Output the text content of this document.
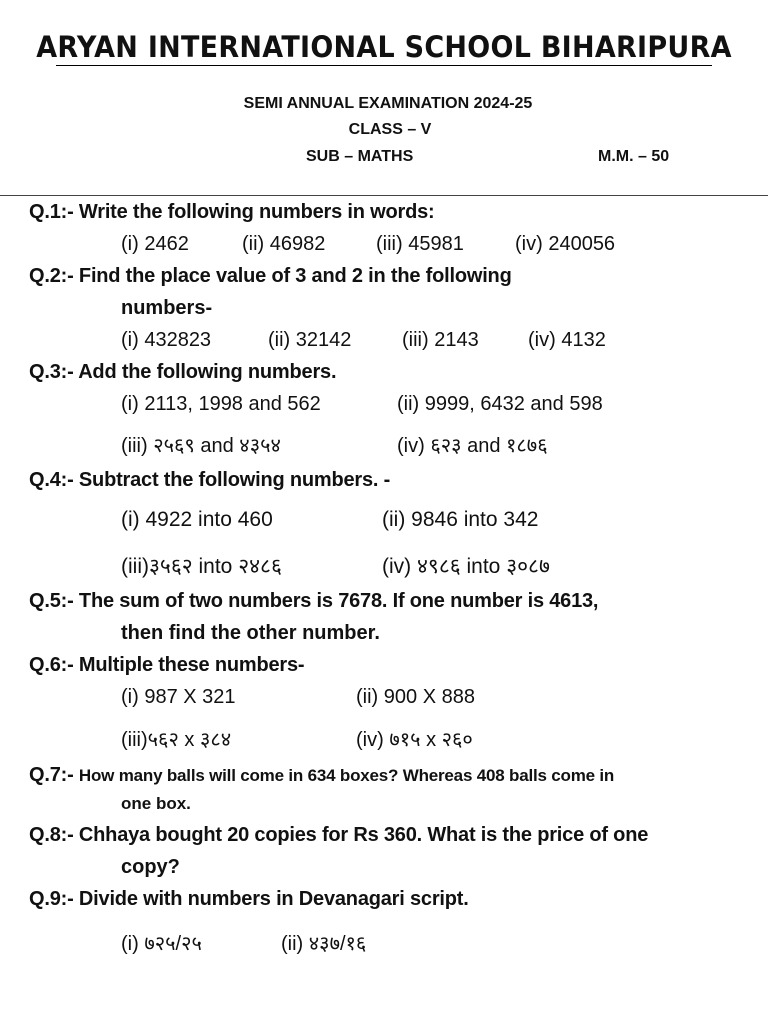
ARYAN INTERNATIONAL SCHOOL BIHARIPURA
SEMI ANNUAL EXAMINATION 2024-25
CLASS – V
SUB – MATHS	M.M. – 50
Q.1:- Write the following numbers in words:
(i) 2462	(ii) 46982	(iii) 45981	(iv) 240056
Q.2:- Find the place value of 3 and 2 in the following
numbers-
(i) 432823	(ii) 32142	(iii) 2143 (iv) 4132
Q.3:- Add the following numbers.
(i) 2113, 1998 and 562	(ii) 9999, 6432 and 598
(iii) २५६९ and ४३५४	(iv) ६२३ and १८७६
Q.4:- Subtract the following numbers. -
(i) 4922 into 460	(ii) 9846 into 342
(iii)३५६२ into २४८६	(iv) ४९८६ into ३०८७
Q.5:- The sum of two numbers is 7678. If one number is 4613,
then find the other number.
Q.6:- Multiple these numbers-
(i) 987 X 321	(ii) 900 X 888
(iii)५६२ x ३८४	(iv) ७१५ x २६०
Q.7:- How many balls will come in 634 boxes? Whereas 408 balls come in
one box.
Q.8:- Chhaya bought 20 copies for Rs 360. What is the price of one
copy?
Q.9:- Divide with numbers in Devanagari script.
(i) ७२५/२५	(ii) ४३७/१६
